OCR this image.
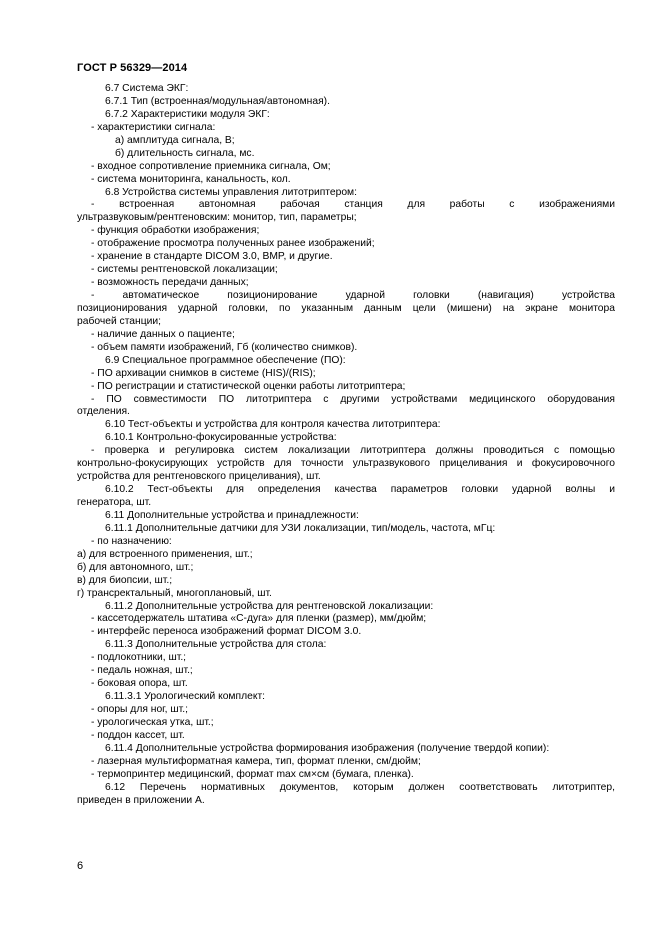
ГОСТ Р 56329—2014
6.7 Система ЭКГ:
6.7.1 Тип (встроенная/модульная/автономная).
6.7.2 Характеристики модуля ЭКГ:
- характеристики сигнала:
а) амплитуда сигнала, В;
б) длительность сигнала, мс.
- входное сопротивление приемника сигнала, Ом;
- система мониторинга, канальность, кол.
6.8 Устройства системы управления литотриптером:
- встроенная автономная рабочая станция для работы с изображениями
ультразвуковым/рентгеновским: монитор, тип, параметры;
- функция обработки изображения;
- отображение просмотра полученных ранее изображений;
- хранение в стандарте DICOM 3.0, BMP, и другие.
- системы рентгеновской локализации;
- возможность передачи данных;
- автоматическое позиционирование ударной головки (навигация) устройства
позиционирования ударной головки, по указанным данным цели (мишени) на экране монитора
рабочей станции;
- наличие данных о пациенте;
- объем памяти изображений, Гб (количество снимков).
6.9 Специальное программное обеспечение (ПО):
- ПО архивации снимков в системе (HIS)/(RIS);
- ПО регистрации и статистической оценки работы литотриптера;
- ПО совместимости ПО литотриптера с другими устройствами медицинского оборудования
отделения.
6.10 Тест-объекты и устройства для контроля качества литотриптера:
6.10.1 Контрольно-фокусированные устройства:
- проверка и регулировка систем локализации литотриптера должны проводиться с помощью
контрольно-фокусирующих устройств для точности ультразвукового прицеливания и фокусировочного
устройства для рентгеновского прицеливания), шт.
6.10.2 Тест-объекты для определения качества параметров головки ударной волны и
генератора, шт.
6.11 Дополнительные устройства и принадлежности:
6.11.1 Дополнительные датчики для УЗИ локализации, тип/модель, частота, мГц:
- по назначению:
а) для встроенного применения, шт.;
б) для автономного, шт.;
в) для биопсии, шт.;
г) трансректальный, многоплановый, шт.
6.11.2 Дополнительные устройства для рентгеновской локализации:
- кассетодержатель штатива «С-дуга» для пленки (размер), мм/дюйм;
- интерфейс переноса изображений формат DICOM 3.0.
6.11.3 Дополнительные устройства для стола:
- подлокотники, шт.;
- педаль ножная, шт.;
- боковая опора, шт.
6.11.3.1 Урологический комплект:
- опоры для ног, шт.;
- урологическая утка, шт.;
- поддон кассет, шт.
6.11.4 Дополнительные устройства формирования изображения (получение твердой копии):
- лазерная мультиформатная камера, тип, формат пленки, см/дюйм;
- термопринтер медицинский, формат max см×см (бумага, пленка).
6.12 Перечень нормативных документов, которым должен соответствовать литотриптер,
приведен в приложении А.
6
